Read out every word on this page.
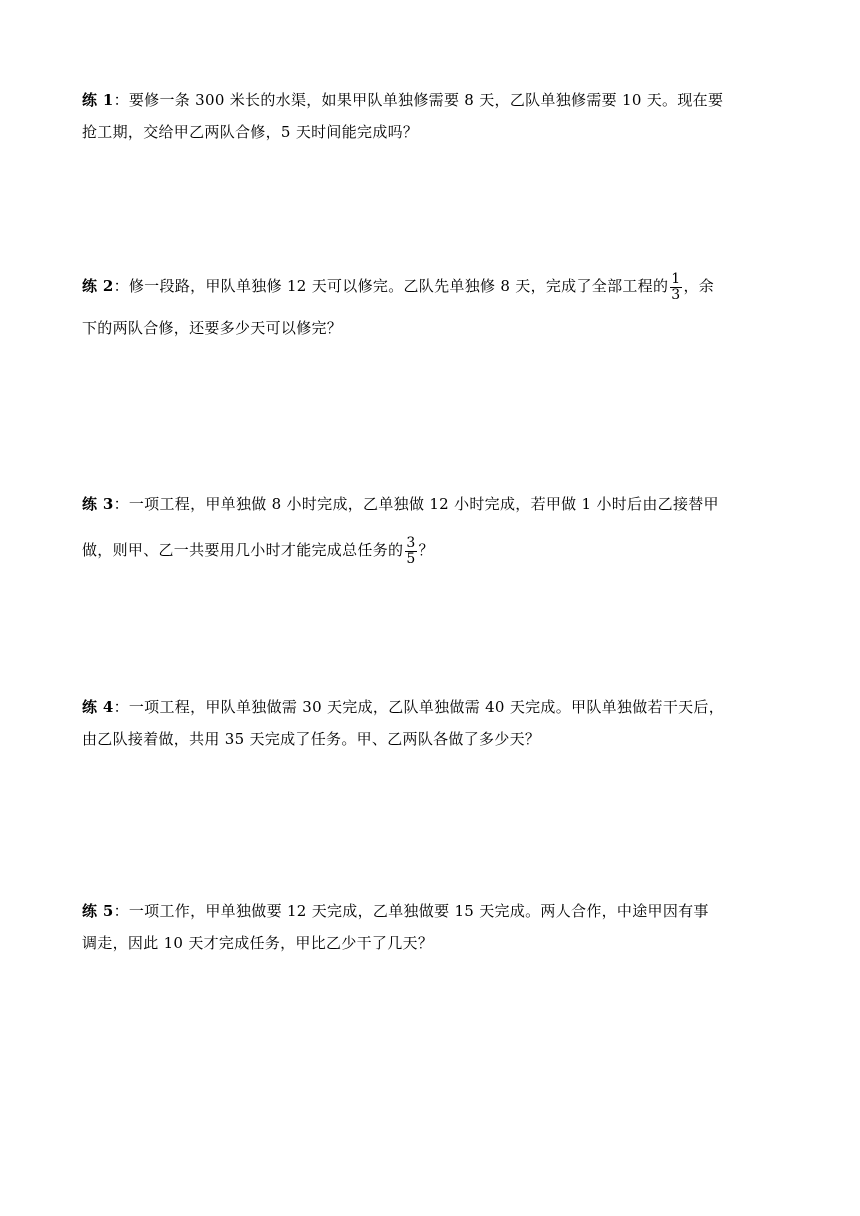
练 1：要修一条 300 米长的水渠，如果甲队单独修需要 8 天，乙队单独修需要 10 天。现在要
抢工期，交给甲乙两队合修，5 天时间能完成吗？
练 2：修一段路，甲队单独修 12 天可以修完。乙队先单独修 8 天，完成了全部工程的 $\frac{1}{3}$ ，余
下的两队合修，还要多少天可以修完？
练 3：一项工程，甲单独做 8 小时完成，乙单独做 12 小时完成，若甲做 1 小时后由乙接替甲
做，则甲、乙一共要用几小时才能完成总任务的 $\frac{3}{5}$ ？
练 4：一项工程，甲队单独做需 30 天完成，乙队单独做需 40 天完成。甲队单独做若干天后，
由乙队接着做，共用 35 天完成了任务。甲、乙两队各做了多少天？
练 5：一项工作，甲单独做要 12 天完成，乙单独做要 15 天完成。两人合作，中途甲因有事
调走，因此 10 天才完成任务，甲比乙少干了几天？
